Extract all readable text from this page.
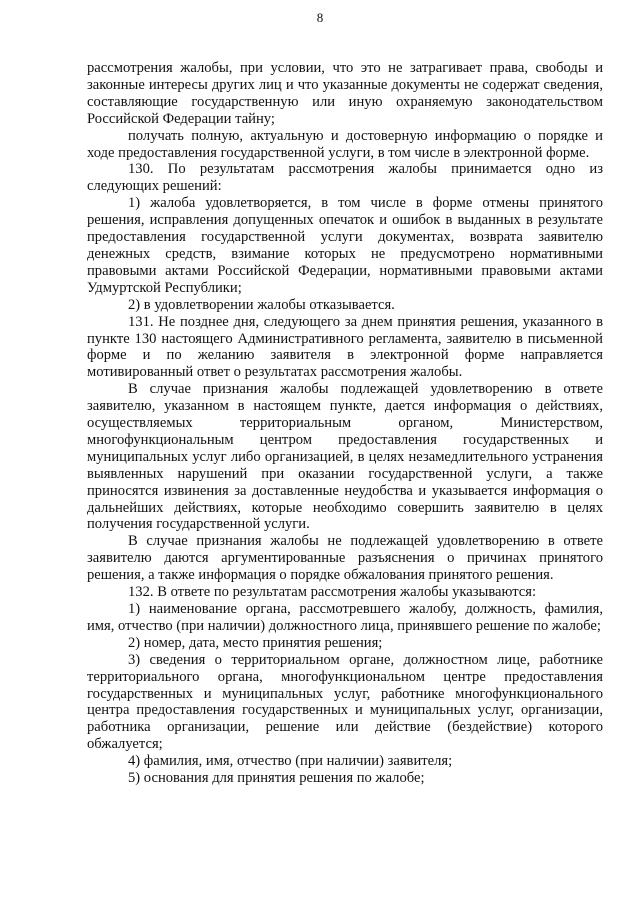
8

рассмотрения жалобы, при условии, что это не затрагивает права, свободы и законные интересы других лиц и что указанные документы не содержат сведения, составляющие государственную или иную охраняемую законодательством Российской Федерации тайну;

получать полную, актуальную и достоверную информацию о порядке и ходе предоставления государственной услуги, в том числе в электронной форме.

130. По результатам рассмотрения жалобы принимается одно из следующих решений:

1) жалоба удовлетворяется, в том числе в форме отмены принятого решения, исправления допущенных опечаток и ошибок в выданных в результате предоставления государственной услуги документах, возврата заявителю денежных средств, взимание которых не предусмотрено нормативными правовыми актами Российской Федерации, нормативными правовыми актами Удмуртской Республики;

2) в удовлетворении жалобы отказывается.

131. Не позднее дня, следующего за днем принятия решения, указанного в пункте 130 настоящего Административного регламента, заявителю в письменной форме и по желанию заявителя в электронной форме направляется мотивированный ответ о результатах рассмотрения жалобы.

В случае признания жалобы подлежащей удовлетворению в ответе заявителю, указанном в настоящем пункте, дается информация о действиях, осуществляемых территориальным органом, Министерством, многофункциональным центром предоставления государственных и муниципальных услуг либо организацией, в целях незамедлительного устранения выявленных нарушений при оказании государственной услуги, а также приносятся извинения за доставленные неудобства и указывается информация о дальнейших действиях, которые необходимо совершить заявителю в целях получения государственной услуги.

В случае признания жалобы не подлежащей удовлетворению в ответе заявителю даются аргументированные разъяснения о причинах принятого решения, а также информация о порядке обжалования принятого решения.

132. В ответе по результатам рассмотрения жалобы указываются:

1) наименование органа, рассмотревшего жалобу, должность, фамилия, имя, отчество (при наличии) должностного лица, принявшего решение по жалобе;

2) номер, дата, место принятия решения;

3) сведения о территориальном органе, должностном лице, работнике территориального органа, многофункциональном центре предоставления государственных и муниципальных услуг, работнике многофункционального центра предоставления государственных и муниципальных услуг, организации, работника организации, решение или действие (бездействие) которого обжалуется;

4) фамилия, имя, отчество (при наличии) заявителя;

5) основания для принятия решения по жалобе;
